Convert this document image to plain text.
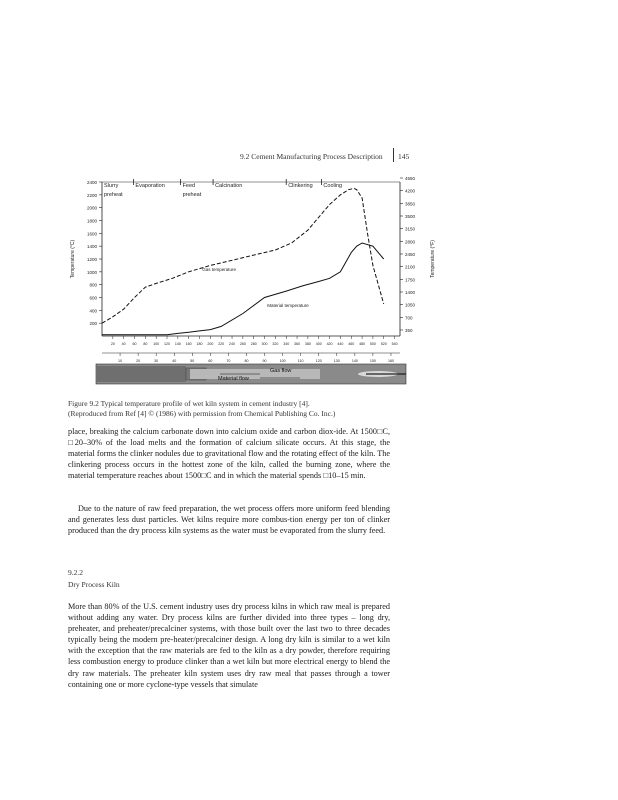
9.2 Cement Manufacturing Process Description 145
Slurry
preheat
Evaporation	Feed
preheat
Calcination	Clinkering Cooling
200
400
600
800
1000
1200
1400
1600
1800
2000
2200
2400
350
700
1050
1400
1750
2100
2450
2800
3150
3500
3850
4200
4550
Temperature (°C)	Temperature (°F)
20 40 60 80 100 120 140 160 180 200 220 240 260 280 300 320 340 360 380 400 420 440 460 480 500 520 540
10	20	30	40	50	60	70	80	90	100	110	120	130	140	150	160
Gas temperature
Material temperature
Gas flow
Material flow
Figure 9.2 Typical temperature profile of wet kiln system in cement industry [4].
(Reproduced from Ref [4] © (1986) with permission from Chemical Publishing Co. Inc.)
place, breaking the calcium carbonate down into calcium oxide and carbon diox-ide. At 1500□C, □20–30% of the load melts and the formation of calcium silicate occurs. At this stage, the material forms the clinker nodules due to gravitational flow and the rotating effect of the kiln. The clinkering process occurs in the hottest zone of the kiln, called the burning zone, where the material temperature reaches about 1500□C and in which the material spends □10–15 min.
Due to the nature of raw feed preparation, the wet process offers more uniform feed blending and generates less dust particles. Wet kilns require more combus-tion energy per ton of clinker produced than the dry process kiln systems as the water must be evaporated from the slurry feed.
9.2.2
Dry Process Kiln
More than 80% of the U.S. cement industry uses dry process kilns in which raw meal is prepared without adding any water. Dry process kilns are further divided into three types – long dry, preheater, and preheater/precalciner systems, with those built over the last two to three decades typically being the modern pre-heater/precalciner design. A long dry kiln is similar to a wet kiln with the exception that the raw materials are fed to the kiln as a dry powder, therefore requiring less combustion energy to produce clinker than a wet kiln but more electrical energy to blend the dry raw materials. The preheater kiln system uses dry raw meal that passes through a tower containing one or more cyclone-type vessels that simulate
